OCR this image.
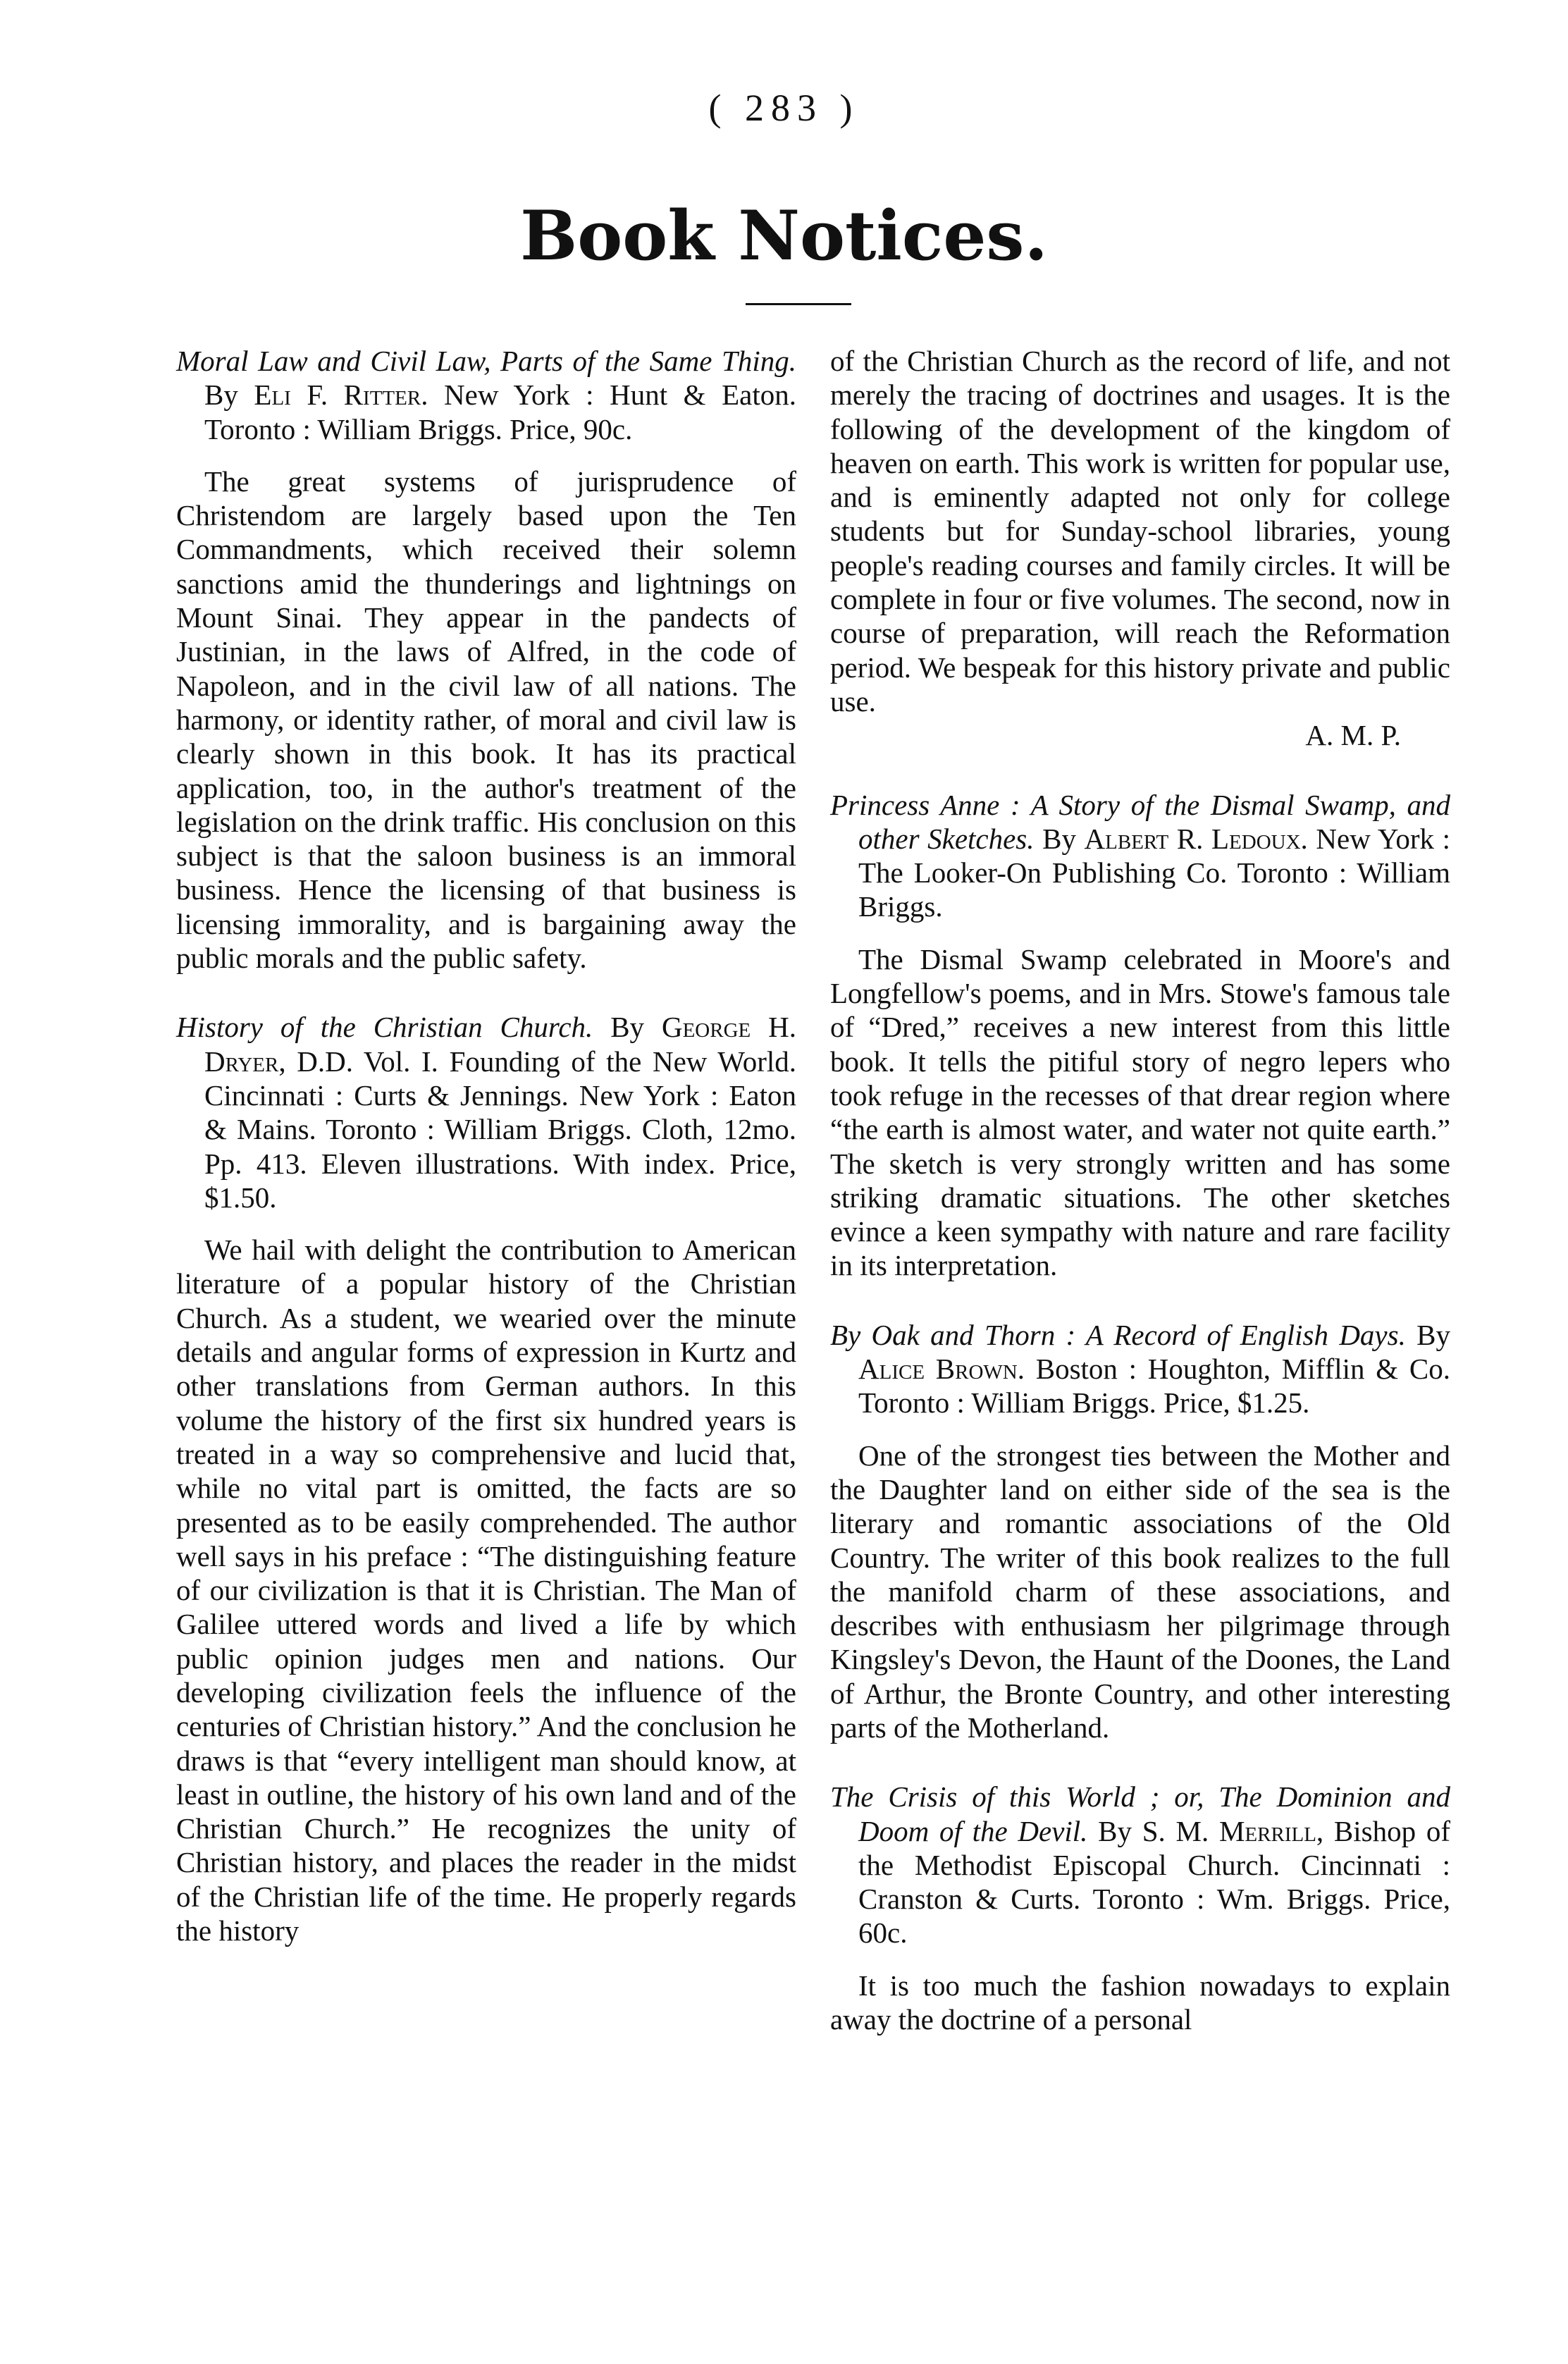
( 283 )
Book Notices.

Moral Law and Civil Law, Parts of the Same Thing. By Eli F. Ritter. New York : Hunt & Eaton. Toronto : William Briggs. Price, 90c.

The great systems of jurisprudence of Christendom are largely based upon the Ten Commandments, which received their solemn sanctions amid the thunderings and lightnings on Mount Sinai. They appear in the pandects of Justinian, in the laws of Alfred, in the code of Napoleon, and in the civil law of all nations. The harmony, or identity rather, of moral and civil law is clearly shown in this book. It has its practical application, too, in the author's treatment of the legislation on the drink traffic. His conclusion on this subject is that the saloon business is an immoral business. Hence the licensing of that business is licensing immorality, and is bargaining away the public morals and the public safety.

History of the Christian Church. By George H. Dryer, D.D. Vol. I. Founding of the New World. Cincinnati : Curts & Jennings. New York : Eaton & Mains. Toronto : William Briggs. Cloth, 12mo. Pp. 413. Eleven illustrations. With index. Price, $1.50.

We hail with delight the contribution to American literature of a popular history of the Christian Church. As a student, we wearied over the minute details and angular forms of expression in Kurtz and other translations from German authors. In this volume the history of the first six hundred years is treated in a way so comprehensive and lucid that, while no vital part is omitted, the facts are so presented as to be easily comprehended. The author well says in his preface : “The distinguishing feature of our civilization is that it is Christian. The Man of Galilee uttered words and lived a life by which public opinion judges men and nations. Our developing civilization feels the influence of the centuries of Christian history.” And the conclusion he draws is that “every intelligent man should know, at least in outline, the history of his own land and of the Christian Church.” He recognizes the unity of Christian history, and places the reader in the midst of the Christian life of the time. He properly regards the history

of the Christian Church as the record of life, and not merely the tracing of doctrines and usages. It is the following of the development of the kingdom of heaven on earth. This work is written for popular use, and is eminently adapted not only for college students but for Sunday-school libraries, young people's reading courses and family circles. It will be complete in four or five volumes. The second, now in course of preparation, will reach the Reformation period. We bespeak for this history private and public use.

A. M. P.

Princess Anne : A Story of the Dismal Swamp, and other Sketches. By Albert R. Ledoux. New York : The Looker-On Publishing Co. Toronto : William Briggs.

The Dismal Swamp celebrated in Moore's and Longfellow's poems, and in Mrs. Stowe's famous tale of “Dred,” receives a new interest from this little book. It tells the pitiful story of negro lepers who took refuge in the recesses of that drear region where “the earth is almost water, and water not quite earth.” The sketch is very strongly written and has some striking dramatic situations. The other sketches evince a keen sympathy with nature and rare facility in its interpretation.

By Oak and Thorn : A Record of English Days. By Alice Brown. Boston : Houghton, Mifflin & Co. Toronto : William Briggs. Price, $1.25.

One of the strongest ties between the Mother and the Daughter land on either side of the sea is the literary and romantic associations of the Old Country. The writer of this book realizes to the full the manifold charm of these associations, and describes with enthusiasm her pilgrimage through Kingsley's Devon, the Haunt of the Doones, the Land of Arthur, the Bronte Country, and other interesting parts of the Motherland.

The Crisis of this World ; or, The Dominion and Doom of the Devil. By S. M. Merrill, Bishop of the Methodist Episcopal Church. Cincinnati : Cranston & Curts. Toronto : Wm. Briggs. Price, 60c.

It is too much the fashion nowadays to explain away the doctrine of a personal
